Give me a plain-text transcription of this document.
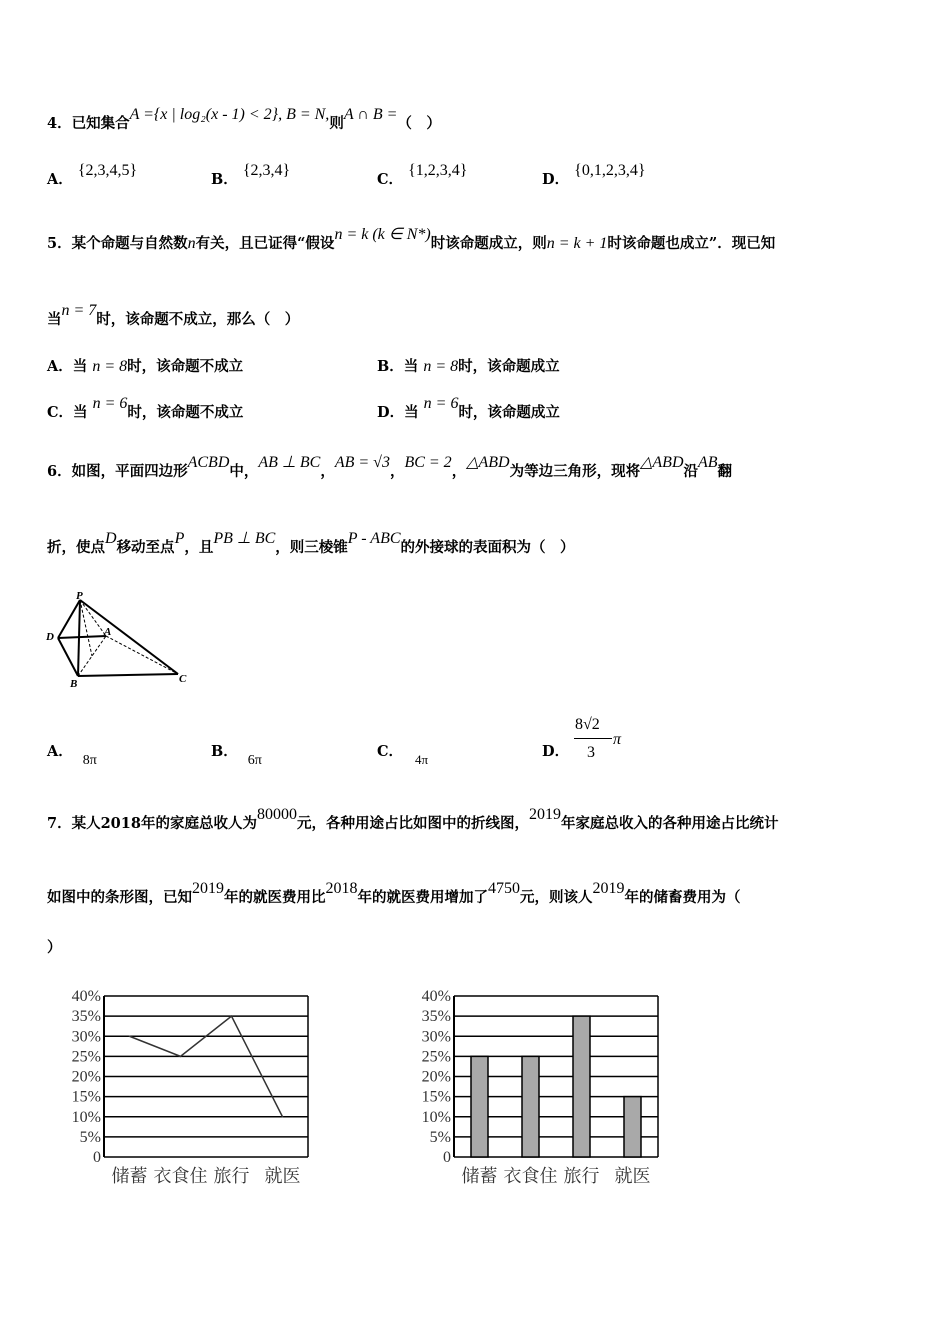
4．已知集合A ={x | log₂(x - 1) < 2}, B = N,则A ∩ B =（　）
A． {2,3,4,5}
B． {2,3,4}
C． {1,2,3,4}
D． {0,1,2,3,4}
5．某个命题与自然数n有关，且已证得“假设n = k (k ∈ N*)时该命题成立，则n = k + 1时该命题也成立”．现已知
当n = 7时，该命题不成立，那么（　）
A．当 n = 8时，该命题不成立	B．当 n = 8时，该命题成立
C．当 n = 6时，该命题不成立	D．当 n = 6时，该命题成立
6．如图，平面四边形ACBD中，AB ⊥ BC，AB = √3，BC = 2，△ABD为等边三角形，现将△ABD沿AB翻
折，使点D移动至点P，且PB ⊥ BC，则三棱锥P - ABC的外接球的表面积为（　）
P
D	A
B	C
A．8π
B．6π
C． 4π	D．
8√2
3
π
7．某人2018年的家庭总收人为80000元，各种用途占比如图中的折线图，2019年家庭总收入的各种用途占比统计
如图中的条形图，已知2019年的就医费用比2018年的就医费用增加了4750元，则该人2019年的储畜费用为（
）
0
5%
10%
15%
20%
25%
30%
35%
40%
储蓄 衣食住 旅行 就医
0
5%
10%
15%
20%
25%
30%
35%
40%
储蓄 衣食住 旅行 就医
